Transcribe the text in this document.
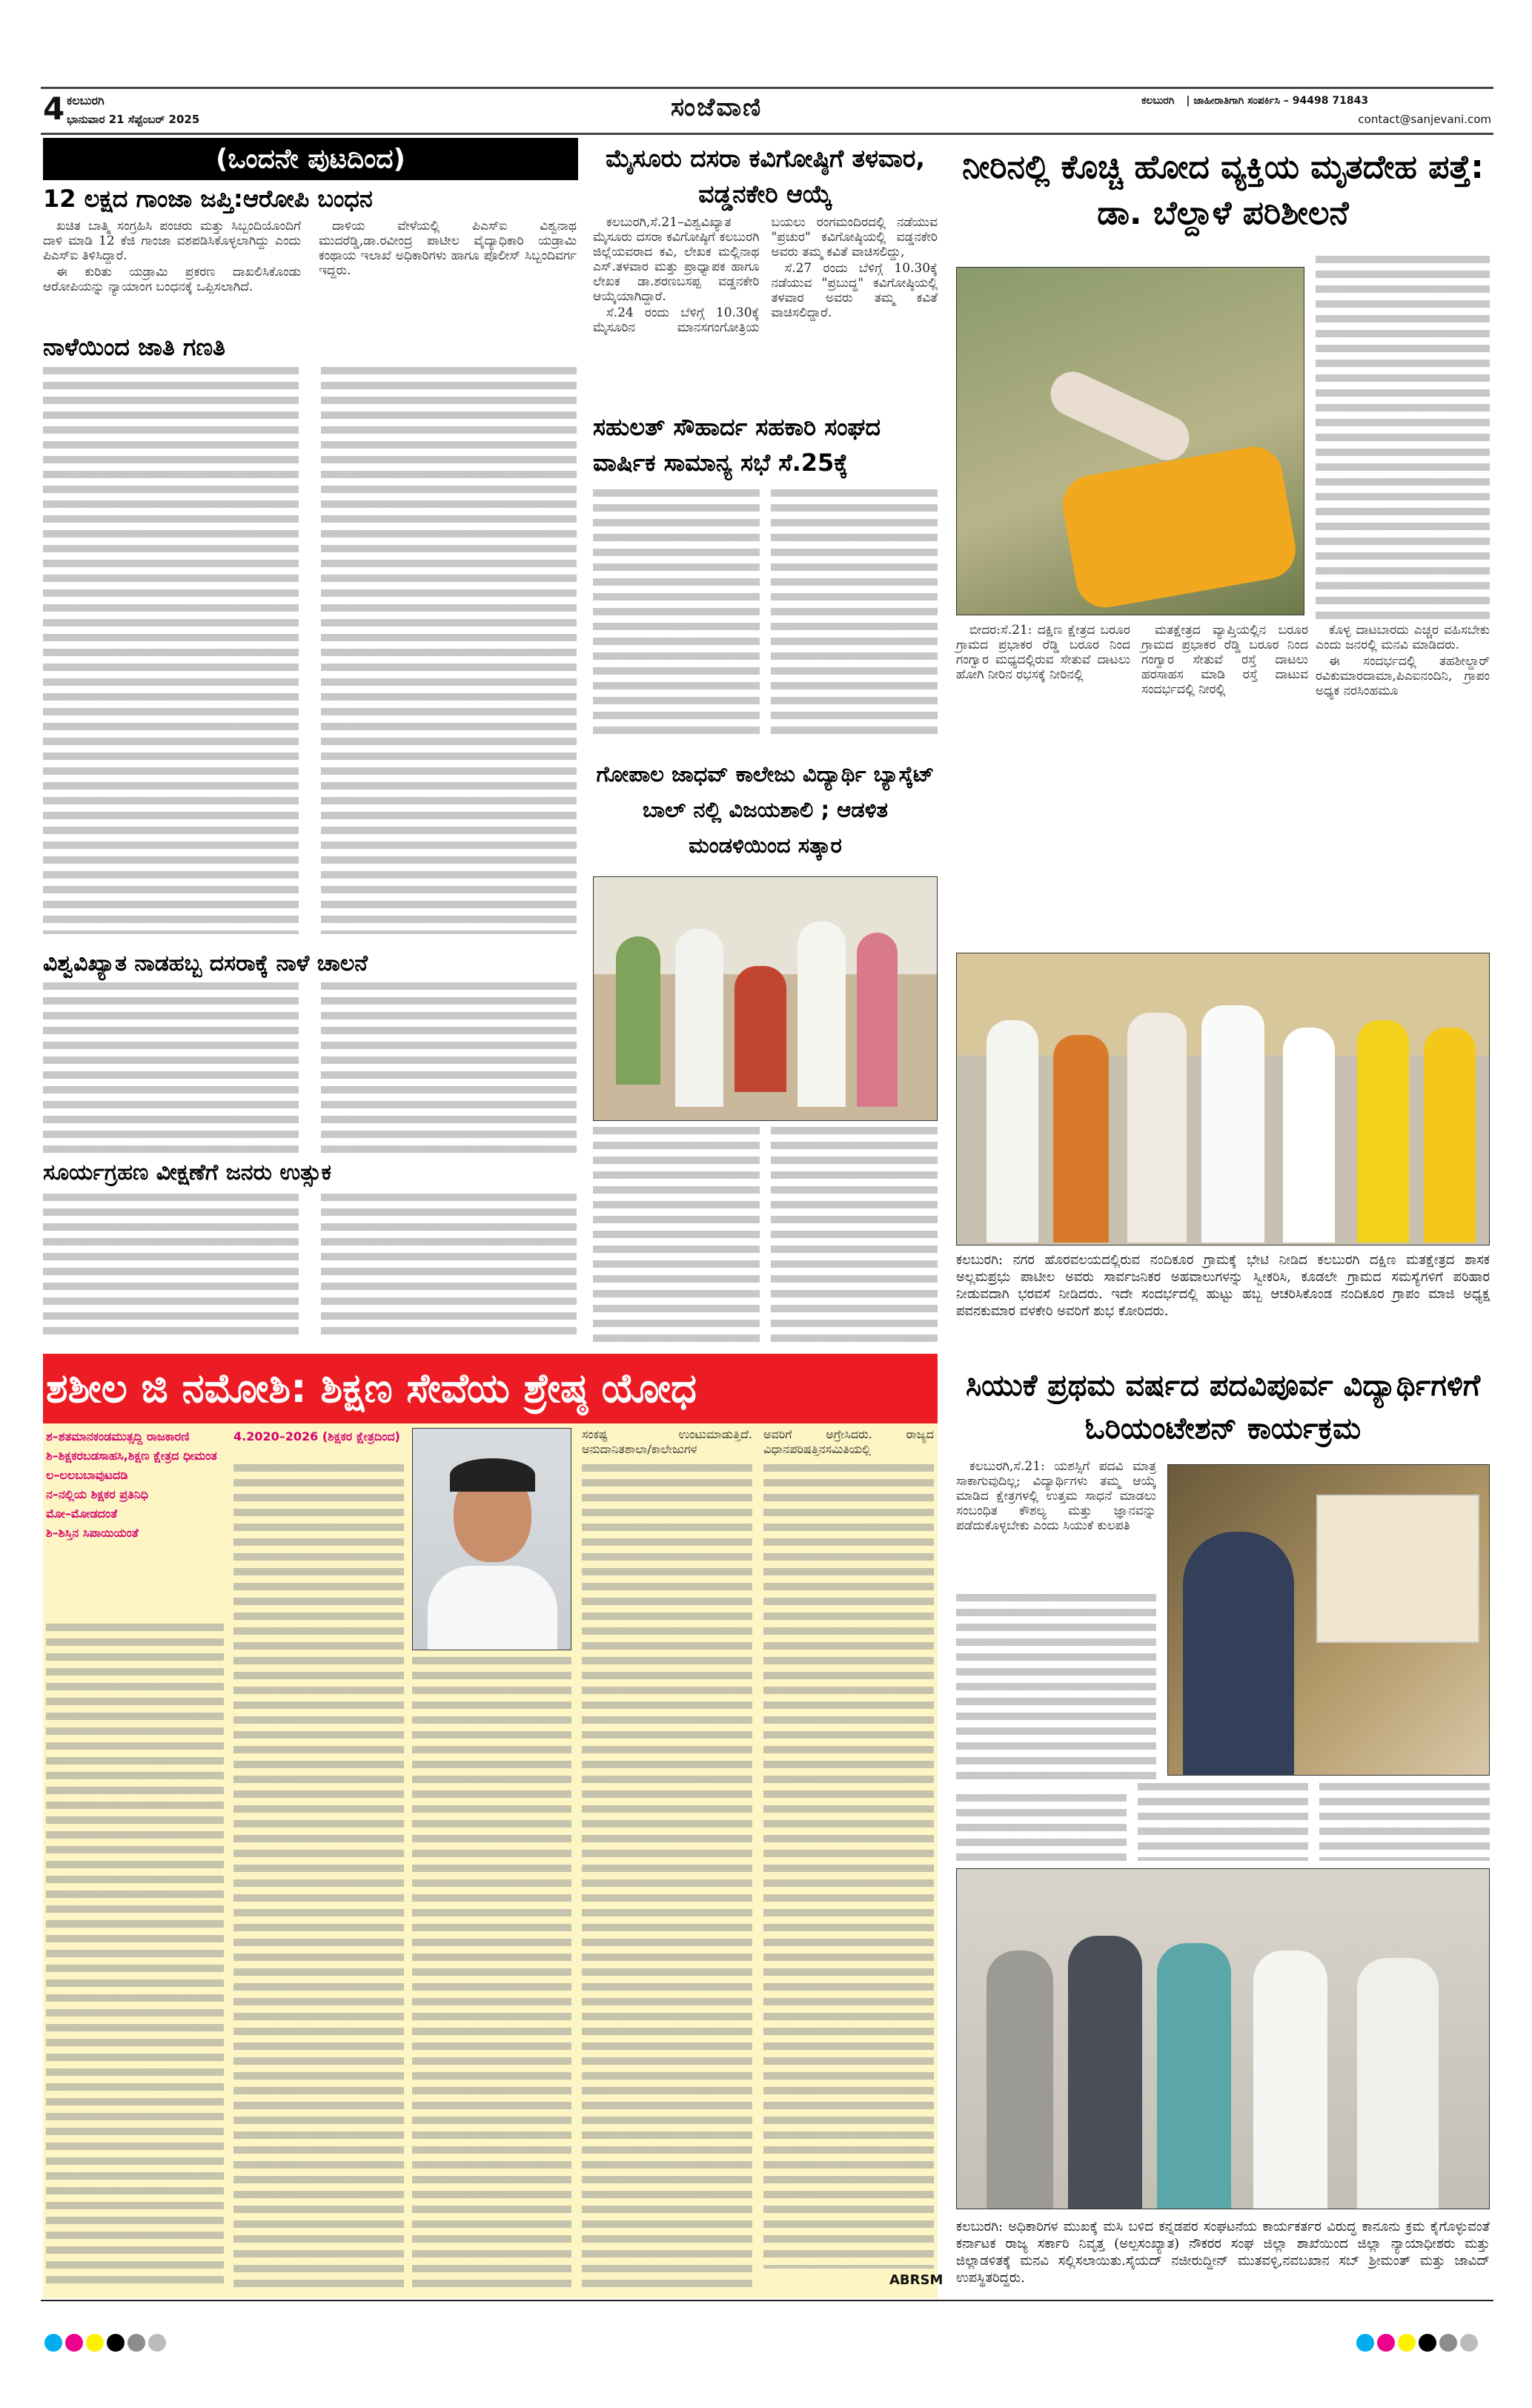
4 ಕಲಬುರಗಿ
ಭಾನುವಾರ 21 ಸೆಪ್ಟೆಂಬರ್ 2025	ಸಂಜೆವಾಣಿ	ಕಲಬುರಗಿ | ಜಾಹೀರಾತಿಗಾಗಿ ಸಂಪರ್ಕಿಸಿ – 94498 71843
contact@sanjevani.com
(ಒಂದನೇ ಪುಟದಿಂದ)
12 ಲಕ್ಷದ ಗಾಂಜಾ ಜಪ್ತಿ:ಆರೋಪಿ ಬಂಧನ

ಖಚಿತ ಬಾತ್ಮಿ ಸಂಗ್ರಹಿಸಿ ಪಂಚರು ಮತ್ತು ಸಿಬ್ಬಂದಿಯೊಂದಿಗೆ ದಾಳಿ ಮಾಡಿ 12 ಕೆಜಿ ಗಾಂಜಾ ವಶಪಡಿಸಿಕೊಳ್ಳಲಾಗಿದ್ದು ಎಂದು ಪಿಎಸ್ಐ ತಿಳಿಸಿದ್ದಾರೆ.

ಈ ಕುರಿತು ಯಡ್ರಾಮಿ ಪ್ರಕರಣ ದಾಖಲಿಸಿಕೊಂಡು ಆರೋಪಿಯನ್ನು ನ್ಯಾಯಾಂಗ ಬಂಧನಕ್ಕೆ ಒಪ್ಪಿಸಲಾಗಿದೆ.

ದಾಳಿಯ ವೇಳೆಯಲ್ಲಿ ಪಿಎಸ್ಐ ವಿಶ್ವನಾಥ ಮುದರೆಡ್ಡಿ,ಡಾ.ರವೀಂದ್ರ ಪಾಟೀಲ ವೈದ್ಯಾಧಿಕಾರಿ ಯಡ್ರಾಮಿ ಕಂಥಾಯ ಇಲಾಖೆ ಅಧಿಕಾರಿಗಳು ಹಾಗೂ ಪೊಲೀಸ್ ಸಿಬ್ಬಂದಿವರ್ಗ ಇದ್ದರು.

ನಾಳೆಯಿಂದ ಜಾತಿ ಗಣತಿ
ವಿಶ್ವವಿಖ್ಯಾತ ನಾಡಹಬ್ಬ ದಸರಾಕ್ಕೆ ನಾಳೆ ಚಾಲನೆ
ಸೂರ್ಯಗ್ರಹಣ ವೀಕ್ಷಣೆಗೆ ಜನರು ಉತ್ಸುಕ
ಮೈಸೂರು ದಸರಾ ಕವಿಗೋಷ್ಠಿಗೆ ತಳವಾರ, ವಡ್ಡನಕೇರಿ ಆಯ್ಕೆ

ಕಲಬುರಗಿ,ಸೆ.21–ವಿಶ್ವವಿಖ್ಯಾತ ಮೈಸೂರು ದಸರಾ ಕವಿಗೋಷ್ಠಿಗೆ ಕಲಬುರಗಿ ಜಿಲ್ಲೆಯವರಾದ ಕವಿ, ಲೇಖಕ ಮಲ್ಲಿನಾಥ ಎಸ್.ತಳವಾರ ಮತ್ತು ಪ್ರಾಧ್ಯಾಪಕ ಹಾಗೂ ಲೇಖಕ ಡಾ.ಶರಣಬಸಪ್ಪ ವಡ್ಡನಕೇರಿ ಆಯ್ಕೆಯಾಗಿದ್ದಾರೆ.

ಸೆ.24 ರಂದು ಬೆಳಿಗ್ಗೆ 10.30ಕ್ಕೆ ಮೈಸೂರಿನ ಮಾನಸಗಂಗೋತ್ರಿಯ ಬಯಲು ರಂಗಮಂದಿರದಲ್ಲಿ ನಡೆಯುವ "ಪ್ರಚುರ" ಕವಿಗೋಷ್ಠಿಯಲ್ಲಿ ವಡ್ಡನಕೇರಿ ಅವರು ತಮ್ಮ ಕವಿತೆ ವಾಚಿಸಲಿದ್ದು,

ಸೆ.27 ರಂದು ಬೆಳಿಗ್ಗೆ 10.30ಕ್ಕೆ ನಡೆಯುವ "ಪ್ರಬುದ್ಧ" ಕವಿಗೋಷ್ಠಿಯಲ್ಲಿ ತಳವಾರ ಅವರು ತಮ್ಮ ಕವಿತೆ ವಾಚಿಸಲಿದ್ದಾರೆ.

ಸಹುಲತ್ ಸೌಹಾರ್ದ ಸಹಕಾರಿ ಸಂಘದ ವಾರ್ಷಿಕ ಸಾಮಾನ್ಯ ಸಭೆ ಸೆ.25ಕ್ಕೆ
ಗೋಪಾಲ ಜಾಧವ್ ಕಾಲೇಜು ವಿದ್ಯಾರ್ಥಿ ಬ್ಯಾಸ್ಕೆಟ್ ಬಾಲ್ ನಲ್ಲಿ ವಿಜಯಶಾಲಿ ; ಆಡಳಿತ ಮಂಡಳಿಯಿಂದ ಸತ್ಕಾರ
ನೀರಿನಲ್ಲಿ ಕೊಚ್ಚಿ ಹೋದ ವ್ಯಕ್ತಿಯ ಮೃತದೇಹ ಪತ್ತೆ: ಡಾ. ಬೆಲ್ದಾಳೆ ಪರಿಶೀಲನೆ

ಬೀದರ:ಸೆ.21: ದಕ್ಷಿಣ ಕ್ಷೇತ್ರದ ಬರೂರ ಗ್ರಾಮದ ಪ್ರಭಾಕರ ರೆಡ್ಡಿ ಬರೂರ ನಿಂದ ಗಂಗ್ವಾರ ಮಧ್ಯದಲ್ಲಿರುವ ಸೇತುವೆ ದಾಟಲು ಹೋಗಿ ನೀರಿನ ರಭಸಕ್ಕೆ ನೀರಿನಲ್ಲಿ

ಮತಕ್ಷೇತ್ರದ ವ್ಯಾಪ್ತಿಯಲ್ಲಿನ ಬರೂರ ಗ್ರಾಮದ ಪ್ರಭಾಕರ ರೆಡ್ಡಿ ಬರೂರ ನಿಂದ ಗಂಗ್ವಾರ ಸೇತುವೆ ರಸ್ತೆ ದಾಟಲು ಹರಸಾಹಸ ಮಾಡಿ ರಸ್ತೆ ದಾಟುವ ಸಂದರ್ಭದಲ್ಲಿ ನೀರಲ್ಲಿ

ಕೊಳ್ಳ ದಾಟಬಾರದು ಎಚ್ಚರ ವಹಿಸಬೇಕು ಎಂದು ಜನರಲ್ಲಿ ಮನವಿ ಮಾಡಿದರು.

ಈ ಸಂದರ್ಭದಲ್ಲಿ ತಹಶೀಲ್ದಾರ್ ರವಿಕುಮಾರದಾಮಾ,ಪಿಎಐನಂದಿನಿ, ಗ್ರಾಪಂ ಅಧ್ಯಕ ನರಸಿಂಹಮೂ

ಕಲಬುರಗಿ: ನಗರ ಹೊರವಲಯದಲ್ಲಿರುವ ನಂದಿಕೂರ ಗ್ರಾಮಕ್ಕೆ ಭೇಟಿ ನೀಡಿದ ಕಲಬುರಗಿ ದಕ್ಷಿಣ ಮತಕ್ಷೇತ್ರದ ಶಾಸಕ ಅಲ್ಲಮಪ್ರಭು ಪಾಟೀಲ ಅವರು ಸಾರ್ವಜನಿಕರ ಅಹವಾಲುಗಳನ್ನು ಸ್ವೀಕರಿಸಿ, ಕೂಡಲೇ ಗ್ರಾಮದ ಸಮಸ್ಯೆಗಳಿಗೆ ಪರಿಹಾರ ನೀಡುವದಾಗಿ ಭರವಸೆ ನೀಡಿದರು. ಇದೇ ಸಂದರ್ಭದಲ್ಲಿ ಹುಟ್ಟು ಹಬ್ಬ ಆಚರಿಸಿಕೊಂಡ ನಂದಿಕೂರ ಗ್ರಾಪಂ ಮಾಜಿ ಅಧ್ಯಕ್ಷ ಪವನಕುಮಾರ ವಳಕೇರಿ ಅವರಿಗೆ ಶುಭ ಕೋರಿದರು.
ಶಶೀಲ ಜಿ ನಮೋಶಿ: ಶಿಕ್ಷಣ ಸೇವೆಯ ಶ್ರೇಷ್ಠ ಯೋಧ
ಶ–ಶತಮಾನಕಂಡಮುತ್ಸದ್ದಿ ರಾಜಕಾರಣಿ
ಶಿ–ಶಿಕ್ಷಕರಬಡಸಾಹಸಿ,ಶಿಕ್ಷಣ ಕ್ಷೇತ್ರದ ಧೀಮಂತ
ಲ–ಲಲಬಬಾವುಟದಡಿ
ನ–ನಲ್ಲಿಯ ಶಿಕ್ಷಕರ ಪ್ರತಿನಿಧಿ
ಮೋ–ಮೋಡದಂತೆ
ಶಿ–ಶಿಸ್ತಿನ ಸಿಪಾಯಿಯಂತೆ
4.2020–2026 (ಶಿಕ್ಷಕರ ಕ್ಷೇತ್ರದಿಂದ)	ಸಂಕಷ್ಟ ಉಂಟುಮಾಡುತ್ತಿದೆ. ಅನುದಾನಿತಶಾಲಾ/ಕಾಲೇಜುಗಳ
ಅವರಿಗೆ ಅಗ್ರೇಸಿದರು. ರಾಜ್ಯದ ವಿಧಾನಪರಿಷತ್ತಿನಸಮಿತಿಯಲ್ಲಿ
ABRSM
ಸಿಯುಕೆ ಪ್ರಥಮ ವರ್ಷದ ಪದವಿಪೂರ್ವ ವಿದ್ಯಾರ್ಥಿಗಳಿಗೆ ಓರಿಯಂಟೇಶನ್ ಕಾರ್ಯಕ್ರಮ

ಕಲಬುರಗಿ,ಸೆ.21: ಯಶಸ್ಸಿಗೆ ಪದವಿ ಮಾತ್ರ ಸಾಕಾಗುವುದಿಲ್ಲ; ವಿದ್ಯಾರ್ಥಿಗಳು ತಮ್ಮ ಆಯ್ಕೆ ಮಾಡಿದ ಕ್ಷೇತ್ರಗಳಲ್ಲಿ ಉತ್ತಮ ಸಾಧನೆ ಮಾಡಲು ಸಂಬಂಧಿತ ಕೌಶಲ್ಯ ಮತ್ತು ಜ್ಞಾನವನ್ನು ಪಡೆದುಕೊಳ್ಳಬೇಕು ಎಂದು ಸಿಯುಕೆ ಕುಲಪತಿ

ಕಲಬುರಗಿ: ಅಧಿಕಾರಿಗಳ ಮುಖಕ್ಕೆ ಮಸಿ ಬಳಿದ ಕನ್ನಡಪರ ಸಂಘಟನೆಯ ಕಾರ್ಯಕರ್ತರ ವಿರುದ್ಧ ಕಾನೂನು ಕ್ರಮ ಕೈಗೊಳ್ಳುವಂತೆ ಕರ್ನಾಟಕ ರಾಜ್ಯ ಸರ್ಕಾರಿ ನಿವೃತ್ತ (ಅಲ್ಪಸಂಖ್ಯಾತ) ನೌಕರರ ಸಂಘ ಜಿಲ್ಲಾ ಶಾಖೆಯಿಂದ ಜಿಲ್ಲಾ ನ್ಯಾಯಾಧೀಶರು ಮತ್ತು ಜಿಲ್ಲಾಡಳಿತಕ್ಕೆ ಮನವಿ ಸಲ್ಲಿಸಲಾಯಿತು.ಸೈಯದ್ ನಜೀರುದ್ದೀನ್ ಮುತವಳ್ಳಿ,ನವಬಖಾನ ಸಬ್ ಶ್ರೀಮಂತ್ ಮತ್ತು ಜಾವಿದ್ ಉಪಸ್ಥಿತರಿದ್ದರು.
